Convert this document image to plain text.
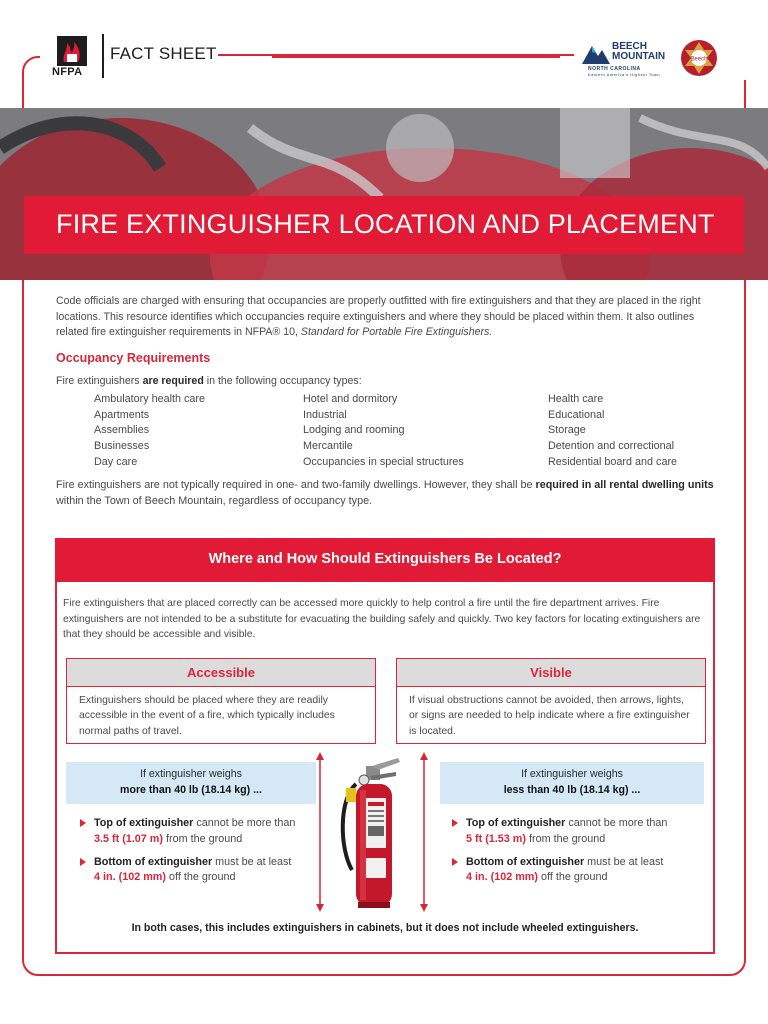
NFPA
FACT SHEET	BEECH
MOUNTAIN
NORTH CAROLINA
Eastern America's Highest Town
Beech
FIRE EXTINGUISHER LOCATION AND PLACEMENT

Code officials are charged with ensuring that occupancies are properly outfitted with fire extinguishers and that they are placed in the right locations. This resource identifies which occupancies require extinguishers and where they should be placed within them. It also outlines related fire extinguisher requirements in NFPA® 10, Standard for Portable Fire Extinguishers.

Occupancy Requirements

Fire extinguishers are required in the following occupancy types:

Ambulatory health care
Apartments
Assemblies
Businesses
Day care
Hotel and dormitory
Industrial
Lodging and rooming
Mercantile
Occupancies in special structures
Health care
Educational
Storage
Detention and correctional
Residential board and care

Fire extinguishers are not typically required in one- and two-family dwellings. However, they shall be required in all rental dwelling units within the Town of Beech Mountain, regardless of occupancy type.

Where and How Should Extinguishers Be Located?

Fire extinguishers that are placed correctly can be accessed more quickly to help control a fire until the fire department arrives. Fire extinguishers are not intended to be a substitute for evacuating the building safely and quickly. Two key factors for locating extinguishers are that they should be accessible and visible.

Accessible
Extinguishers should be placed where they are readily accessible in the event of a fire, which typically includes normal paths of travel.
Visible
If visual obstructions cannot be avoided, then arrows, lights, or signs are needed to help indicate where a fire extinguisher is located.
If extinguisher weighs
more than 40 lb (18.14 kg) ...
If extinguisher weighs
less than 40 lb (18.14 kg) ...
Top of extinguisher cannot be more than
3.5 ft (1.07 m) from the ground
Bottom of extinguisher must be at least
4 in. (102 mm) off the ground
Top of extinguisher cannot be more than
5 ft (1.53 m) from the ground
Bottom of extinguisher must be at least
4 in. (102 mm) off the ground

In both cases, this includes extinguishers in cabinets, but it does not include wheeled extinguishers.
